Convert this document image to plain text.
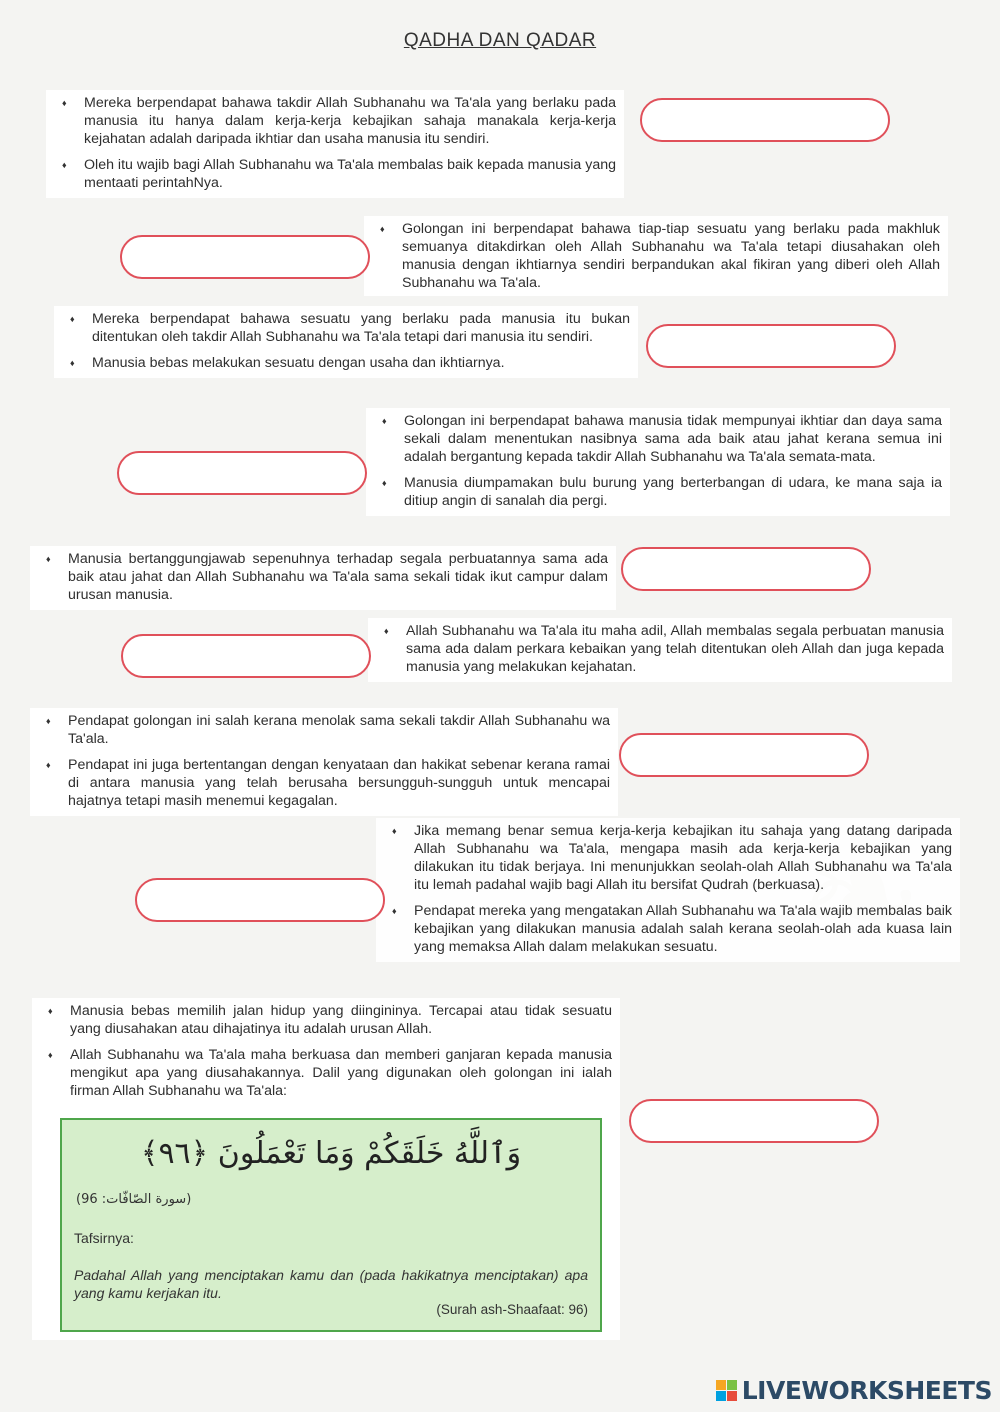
QADHA DAN QADAR
♦ Mereka berpendapat bahawa takdir Allah Subhanahu wa Ta'ala yang berlaku pada manusia itu hanya dalam kerja-kerja kebajikan sahaja manakala kerja-kerja kejahatan adalah daripada ikhtiar dan usaha manusia itu sendiri.
♦ Oleh itu wajib bagi Allah Subhanahu wa Ta'ala membalas baik kepada manusia yang mentaati perintahNya.
♦ Golongan ini berpendapat bahawa tiap-tiap sesuatu yang berlaku pada makhluk semuanya ditakdirkan oleh Allah Subhanahu wa Ta'ala tetapi diusahakan oleh manusia dengan ikhtiarnya sendiri berpandukan akal fikiran yang diberi oleh Allah Subhanahu wa Ta'ala.
♦ Mereka berpendapat bahawa sesuatu yang berlaku pada manusia itu bukan ditentukan oleh takdir Allah Subhanahu wa Ta'ala tetapi dari manusia itu sendiri.
♦ Manusia bebas melakukan sesuatu dengan usaha dan ikhtiarnya.
♦ Golongan ini berpendapat bahawa manusia tidak mempunyai ikhtiar dan daya sama sekali dalam menentukan nasibnya sama ada baik atau jahat kerana semua ini adalah bergantung kepada takdir Allah Subhanahu wa Ta'ala semata-mata.
♦ Manusia diumpamakan bulu burung yang berterbangan di udara, ke mana saja ia ditiup angin di sanalah dia pergi.
♦ Manusia bertanggungjawab sepenuhnya terhadap segala perbuatannya sama ada baik atau jahat dan Allah Subhanahu wa Ta'ala sama sekali tidak ikut campur dalam urusan manusia.
♦ Allah Subhanahu wa Ta'ala itu maha adil, Allah membalas segala perbuatan manusia sama ada dalam perkara kebaikan yang telah ditentukan oleh Allah dan juga kepada manusia yang melakukan kejahatan.
♦ Pendapat golongan ini salah kerana menolak sama sekali takdir Allah Subhanahu wa Ta'ala.
♦ Pendapat ini juga bertentangan dengan kenyataan dan hakikat sebenar kerana ramai di antara manusia yang telah berusaha bersungguh-sungguh untuk mencapai hajatnya tetapi masih menemui kegagalan.
♦ Jika memang benar semua kerja-kerja kebajikan itu sahaja yang datang daripada Allah Subhanahu wa Ta'ala, mengapa masih ada kerja-kerja kebajikan yang dilakukan itu tidak berjaya. Ini menunjukkan seolah-olah Allah Subhanahu wa Ta'ala itu lemah padahal wajib bagi Allah itu bersifat Qudrah (berkuasa).
♦ Pendapat mereka yang mengatakan Allah Subhanahu wa Ta'ala wajib membalas baik kebajikan yang dilakukan manusia adalah salah kerana seolah-olah ada kuasa lain yang memaksa Allah dalam melakukan sesuatu.
♦ Manusia bebas memilih jalan hidup yang diingininya. Tercapai atau tidak sesuatu yang diusahakan atau dihajatinya itu adalah urusan Allah.
♦ Allah Subhanahu wa Ta'ala maha berkuasa dan memberi ganjaran kepada manusia mengikut apa yang diusahakannya. Dalil yang digunakan oleh golongan ini ialah firman Allah Subhanahu wa Ta'ala:
وَٱللَّهُ خَلَقَكُمْ وَمَا تَعْمَلُونَ ﴿٩٦﴾
(سورة الصّافّات: 96)
Tafsirnya:
Padahal Allah yang menciptakan kamu dan (pada hakikatnya menciptakan) apa yang kamu kerjakan itu.
(Surah ash-Shaafaat: 96)
LIVEWORKSHEETS
